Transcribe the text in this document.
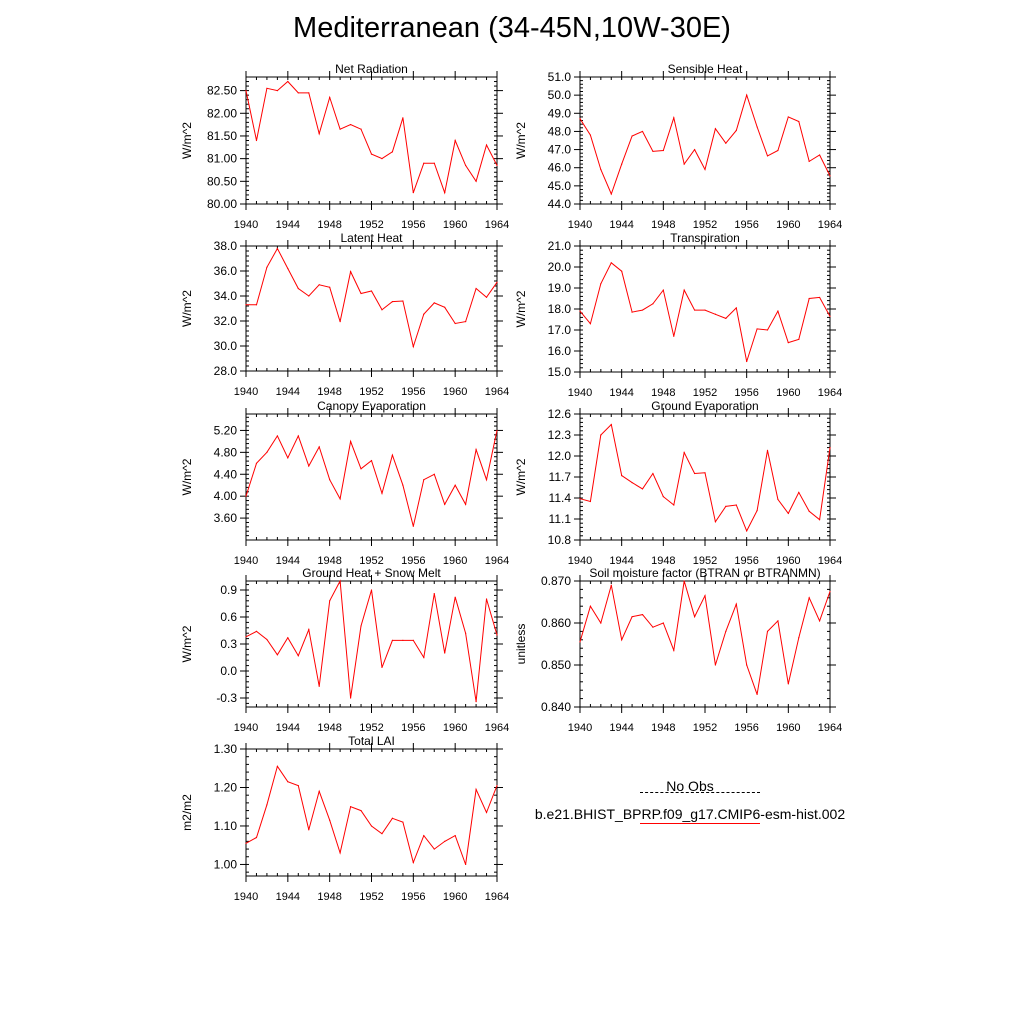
Mediterranean (34-45N,10W-30E)
Net Radiation
W/m^2
1940 1944 1948 1952 1956 1960 1964
80.00
80.50
81.00
81.50
82.00
82.50
Sensible Heat
W/m^2
1940 1944 1948 1952 1956 1960 1964
44.0
45.0
46.0
47.0
48.0
49.0
50.0
51.0
Latent Heat
W/m^2
1940 1944 1948 1952 1956 1960 1964
28.0
30.0
32.0
34.0
36.0
38.0
Transpiration
W/m^2
1940 1944 1948 1952 1956 1960 1964
15.0
16.0
17.0
18.0
19.0
20.0
21.0
Canopy Evaporation
W/m^2
1940 1944 1948 1952 1956 1960 1964
3.60
4.00
4.40
4.80
5.20
Ground Evaporation
W/m^2
1940 1944 1948 1952 1956 1960 1964
10.8
11.1
11.4
11.7
12.0
12.3
12.6
Ground Heat + Snow Melt
W/m^2
1940 1944 1948 1952 1956 1960 1964
-0.3
0.0
0.3
0.6
0.9
Soil moisture factor (BTRAN or BTRANMN)
unitless
1940 1944 1948 1952 1956 1960 1964
0.840
0.850
0.860
0.870
Total LAI
m2/m2
1940 1944 1948 1952 1956 1960 1964
1.00
1.10
1.20
1.30
No Obs
b.e21.BHIST_BPRP.f09_g17.CMIP6-esm-hist.002
